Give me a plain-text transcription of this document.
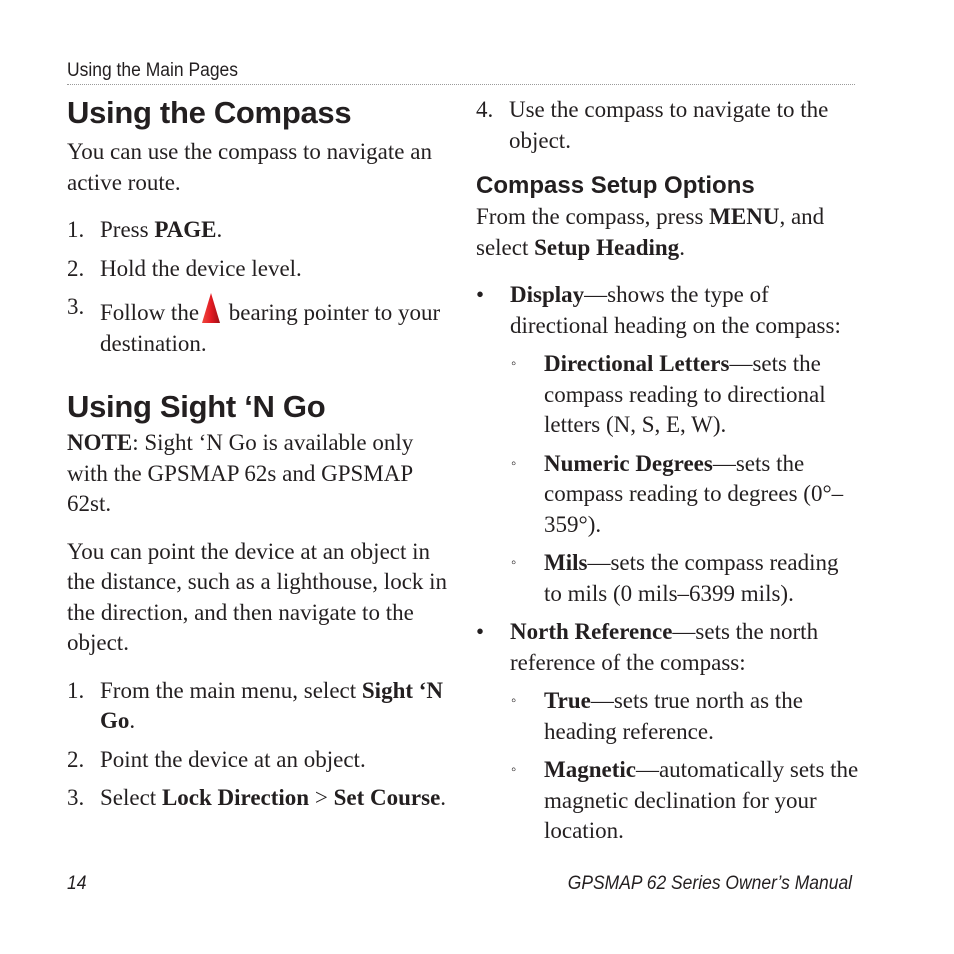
Using the Main Pages
Using the Compass

You can use the compass to navigate an active route.

1. Press PAGE.
2. Hold the device level.
3. Follow the bearing pointer to your destination.
Using Sight ‘N Go

NOTE: Sight ‘N Go is available only with the GPSMAP 62s and GPSMAP 62st.

You can point the device at an object in the distance, such as a lighthouse, lock in the direction, and then navigate to the object.

1. From the main menu, select Sight ‘N Go.
2. Point the device at an object.
3. Select Lock Direction > Set Course.
4. Use the compass to navigate to the object.
Compass Setup Options

From the compass, press MENU, and select Setup Heading.

• Display—shows the type of directional heading on the compass:
◦ Directional Letters—sets the compass reading to directional letters (N, S, E, W).
◦ Numeric Degrees—sets the compass reading to degrees (0°–359°).
◦ Mils—sets the compass reading to mils (0 mils–6399 mils).
• North Reference—sets the north reference of the compass:
◦ True—sets true north as the heading reference.
◦ Magnetic—automatically sets the magnetic declination for your location.
14	GPSMAP 62 Series Owner’s Manual
